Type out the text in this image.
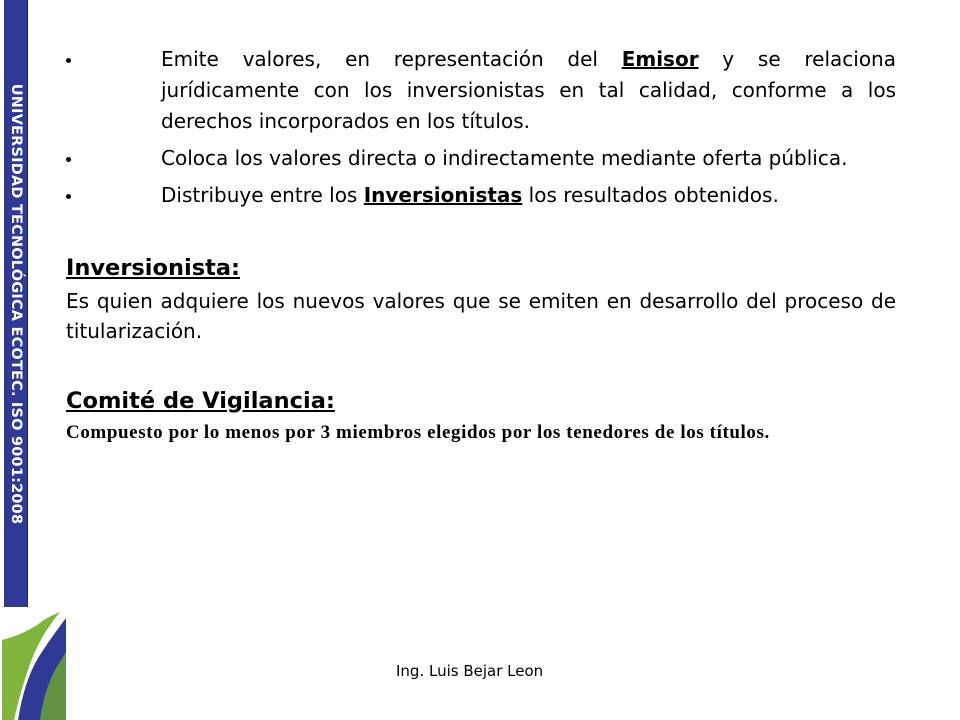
UNIVERSIDAD TECNOLÓGICA ECOTEC. ISO 9001:2008
Emite valores, en representación del Emisor y se relaciona jurídicamente con los inversionistas en tal calidad, conforme a los derechos incorporados en los títulos.
Coloca los valores directa o indirectamente mediante oferta pública.
Distribuye entre los Inversionistas los resultados obtenidos.
Inversionista:

Es quien adquiere los nuevos valores que se emiten en desarrollo del proceso de titularización.

Comité de Vigilancia:

Compuesto por lo menos por 3 miembros elegidos por los tenedores de los títulos.

Ing. Luis Bejar Leon
